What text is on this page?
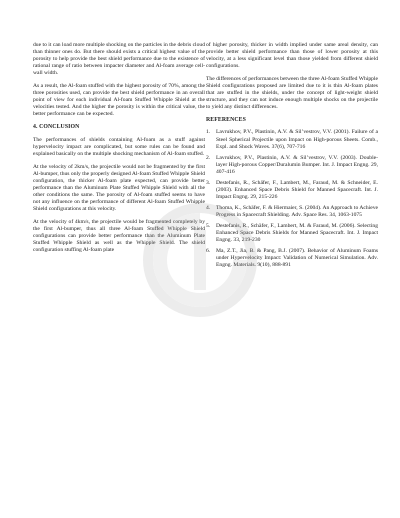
due to it can load more multiple shocking on the particles in the debris cloud than thinner ones do. But there should exists a critical highest value of the porosity to help provide the best shield performance due to the existence of rational range of ratio between impacter diameter and Al-foam average cell-wall width.

As a result, the Al-foam stuffed with the highest porosity of 70%, among the three porosities used, can provide the best shield performance in an overall point of view for each individual Al-foam Stuffed Whipple Shield at the velocities tested. And the higher the porosity is within the critical value, the better performance can be expected.

4. CONCLUSION

The performances of shields containing Al-foam as a stuff against hypervelocity impact are complicated, but some rules can be found and explained basically on the multiple shocking mechanism of Al-foam stuffed.

At the velocity of 2km/s, the projectile would not be fragmented by the first Al-bumper, thus only the properly designed Al-foam Stuffed Whipple Shield configuration, the thicker Al-foam plate expected, can provide better performance than the Aluminum Plate Stuffed Whipple Shield with all the other conditions the same. The porosity of Al-foam stuffed seems to have not any influence on the performance of different Al-foam Stuffed Whipple Shield configurations at this velocity.

At the velocity of 4km/s, the projectile would be fragmented completely by the first Al-bumper, thus all three Al-foam Stuffed Whipple Shield configurations can provide better performance than the Aluminum Plate Stuffed Whipple Shield as well as the Whipple Shield. The shield configuration stuffing Al-foam plate

of higher porosity, thicker in width implied under same areal density, can provide better shield performance than those of lower porosity at this velocity, at a less significant level than those yielded from different shield configurations.

The differences of performances between the three Al-foam Stuffed Whipple Shield configurations proposed are limited due to it is thin Al-foam plates that are stuffed in the shields, under the concept of light-weight shield structure, and they can not induce enough multiple shocks on the projectile to yield any distinct differences.

REFERENCES
1.	Lavrukhov, P.V., Plastinin, A.V. & Sil’vestrov, V.V. (2001). Failure of a Steel Spherical Projectile upon Impact on High-porous Sheets. Comb., Expl. and Shock Waves. 37(6), 707-716
2.	Lavrukhov, P.V., Plastinin, A.V. & Sil’vestrov, V.V. (2003). Double-layer High-porous Copper/Duralumin Bumper. Int. J. Impact Engng. 29, 407-416
3.	Destefanis, R., Schäfer, F., Lambert, M., Faraud, M. & Schneider, E. (2003). Enhanced Space Debris Shield for Manned Spacecraft. Int. J. Impact Engng. 29, 215-226
4.	Thoma, K., Schäfer, F. & Hiermaier, S. (2004). An Approach to Achieve Progress in Spacecraft Shielding. Adv. Space Res. 34, 1063-1075
5.	Destefanis, R., Schäfer, F., Lambert, M. & Faraud, M. (2006). Selecting Enhanced Space Debris Shields for Manned Spacecraft. Int. J. Impact Engng. 33, 219-230
6.	Ma, Z.T., Jia, B. & Pang, B.J. (2007). Behavior of Aluminum Foams under Hypervelocity Impact: Validation of Numerical Simulation. Adv. Engng. Materials. 9(10), 888-891
